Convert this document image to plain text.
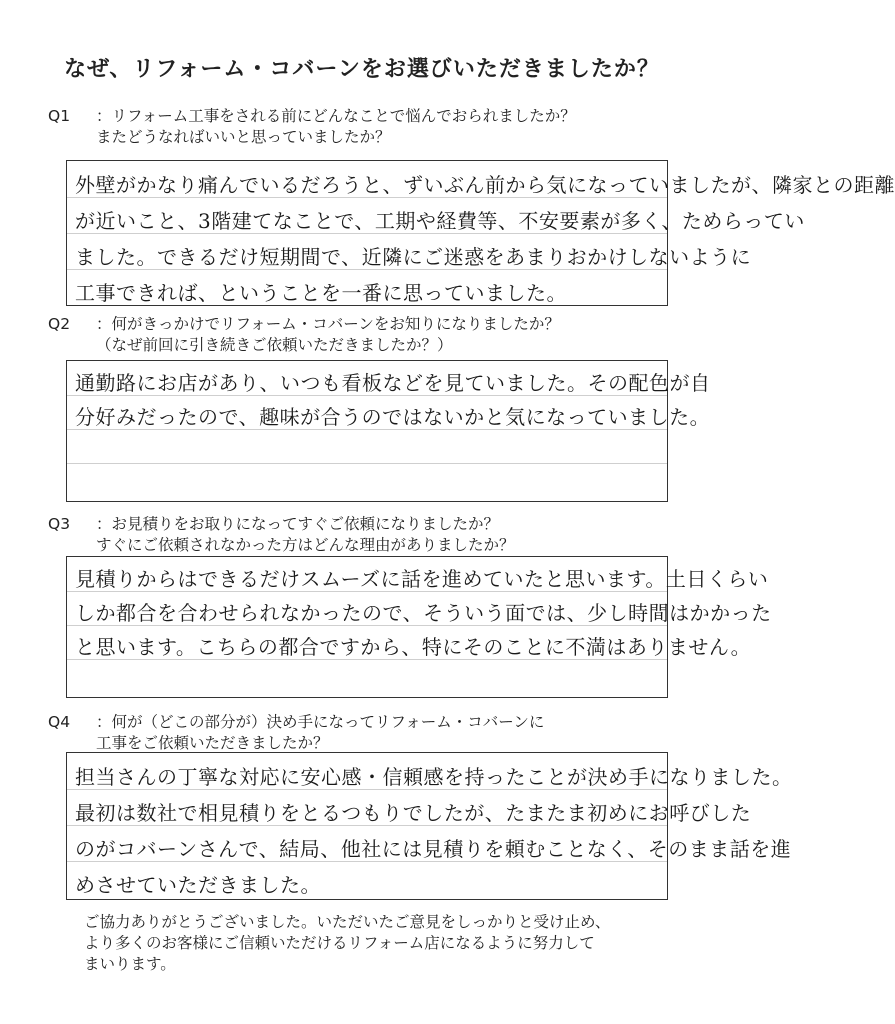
なぜ、リフォーム・コバーンをお選びいただきましたか？
Q1 ：リフォーム工事をされる前にどんなことで悩んでおられましたか？
またどうなればいいと思っていましたか？
外壁がかなり痛んでいるだろうと、ずいぶん前から気になっていましたが、隣家との距離
が近いこと、3階建てなことで、工期や経費等、不安要素が多く、ためらってい
ました。できるだけ短期間で、近隣にご迷惑をあまりおかけしないように
工事できれば、ということを一番に思っていました。
Q2 ：何がきっかけでリフォーム・コバーンをお知りになりましたか？
（なぜ前回に引き続きご依頼いただきましたか？）
通勤路にお店があり、いつも看板などを見ていました。その配色が自
分好みだったので、趣味が合うのではないかと気になっていました。
Q3 ：お見積りをお取りになってすぐご依頼になりましたか？
すぐにご依頼されなかった方はどんな理由がありましたか？
見積りからはできるだけスムーズに話を進めていたと思います。土日くらい
しか都合を合わせられなかったので、そういう面では、少し時間はかかった
と思います。こちらの都合ですから、特にそのことに不満はありません。
Q4 ：何が（どこの部分が）決め手になってリフォーム・コバーンに
工事をご依頼いただきましたか？
担当さんの丁寧な対応に安心感・信頼感を持ったことが決め手になりました。
最初は数社で相見積りをとるつもりでしたが、たまたま初めにお呼びした
のがコバーンさんで、結局、他社には見積りを頼むことなく、そのまま話を進
めさせていただきました。
ご協力ありがとうございました。いただいたご意見をしっかりと受け止め、
より多くのお客様にご信頼いただけるリフォーム店になるように努力して
まいります。
